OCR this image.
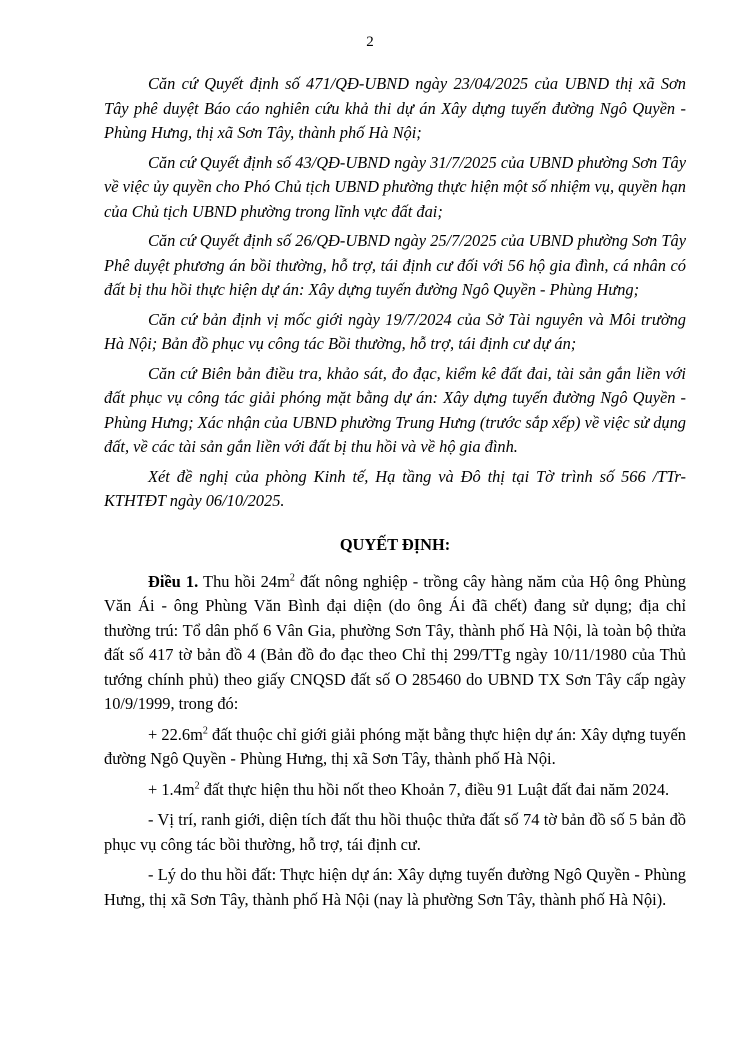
2

Căn cứ Quyết định số 471/QĐ-UBND ngày 23/04/2025 của UBND thị xã Sơn Tây phê duyệt Báo cáo nghiên cứu khả thi dự án Xây dựng tuyến đường Ngô Quyền - Phùng Hưng, thị xã Sơn Tây, thành phố Hà Nội;

Căn cứ Quyết định số 43/QĐ-UBND ngày 31/7/2025 của UBND phường Sơn Tây về việc ủy quyền cho Phó Chủ tịch UBND phường thực hiện một số nhiệm vụ, quyền hạn của Chủ tịch UBND phường trong lĩnh vực đất đai;

Căn cứ Quyết định số 26/QĐ-UBND ngày 25/7/2025 của UBND phường Sơn Tây Phê duyệt phương án bồi thường, hỗ trợ, tái định cư đối với 56 hộ gia đình, cá nhân có đất bị thu hồi thực hiện dự án: Xây dựng tuyến đường Ngô Quyền - Phùng Hưng;

Căn cứ bản định vị mốc giới ngày 19/7/2024 của Sở Tài nguyên và Môi trường Hà Nội; Bản đồ phục vụ công tác Bồi thường, hỗ trợ, tái định cư dự án;

Căn cứ Biên bản điều tra, khảo sát, đo đạc, kiểm kê đất đai, tài sản gắn liền với đất phục vụ công tác giải phóng mặt bằng dự án: Xây dựng tuyến đường Ngô Quyền - Phùng Hưng; Xác nhận của UBND phường Trung Hưng (trước sắp xếp) về việc sử dụng đất, về các tài sản gắn liền với đất bị thu hồi và về hộ gia đình.

Xét đề nghị của phòng Kinh tế, Hạ tầng và Đô thị tại Tờ trình số 566 /TTr-KTHTĐT ngày 06/10/2025.

QUYẾT ĐỊNH:

Điều 1. Thu hồi $24m^2$ đất nông nghiệp - trồng cây hàng năm của Hộ ông Phùng Văn Ái - ông Phùng Văn Bình đại diện (do ông Ái đã chết) đang sử dụng; địa chỉ thường trú: Tổ dân phố 6 Vân Gia, phường Sơn Tây, thành phố Hà Nội, là toàn bộ thửa đất số 417 tờ bản đồ 4 (Bản đồ đo đạc theo Chỉ thị 299/TTg ngày 10/11/1980 của Thủ tướng chính phủ) theo giấy CNQSD đất số O 285460 do UBND TX Sơn Tây cấp ngày 10/9/1999, trong đó:

+ $22.6m^2$ đất thuộc chỉ giới giải phóng mặt bằng thực hiện dự án: Xây dựng tuyến đường Ngô Quyền - Phùng Hưng, thị xã Sơn Tây, thành phố Hà Nội.

+ $1.4m^2$ đất thực hiện thu hồi nốt theo Khoản 7, điều 91 Luật đất đai năm 2024.

- Vị trí, ranh giới, diện tích đất thu hồi thuộc thửa đất số 74 tờ bản đồ số 5 bản đồ phục vụ công tác bồi thường, hỗ trợ, tái định cư.

- Lý do thu hồi đất: Thực hiện dự án: Xây dựng tuyến đường Ngô Quyền - Phùng Hưng, thị xã Sơn Tây, thành phố Hà Nội (nay là phường Sơn Tây, thành phố Hà Nội).
